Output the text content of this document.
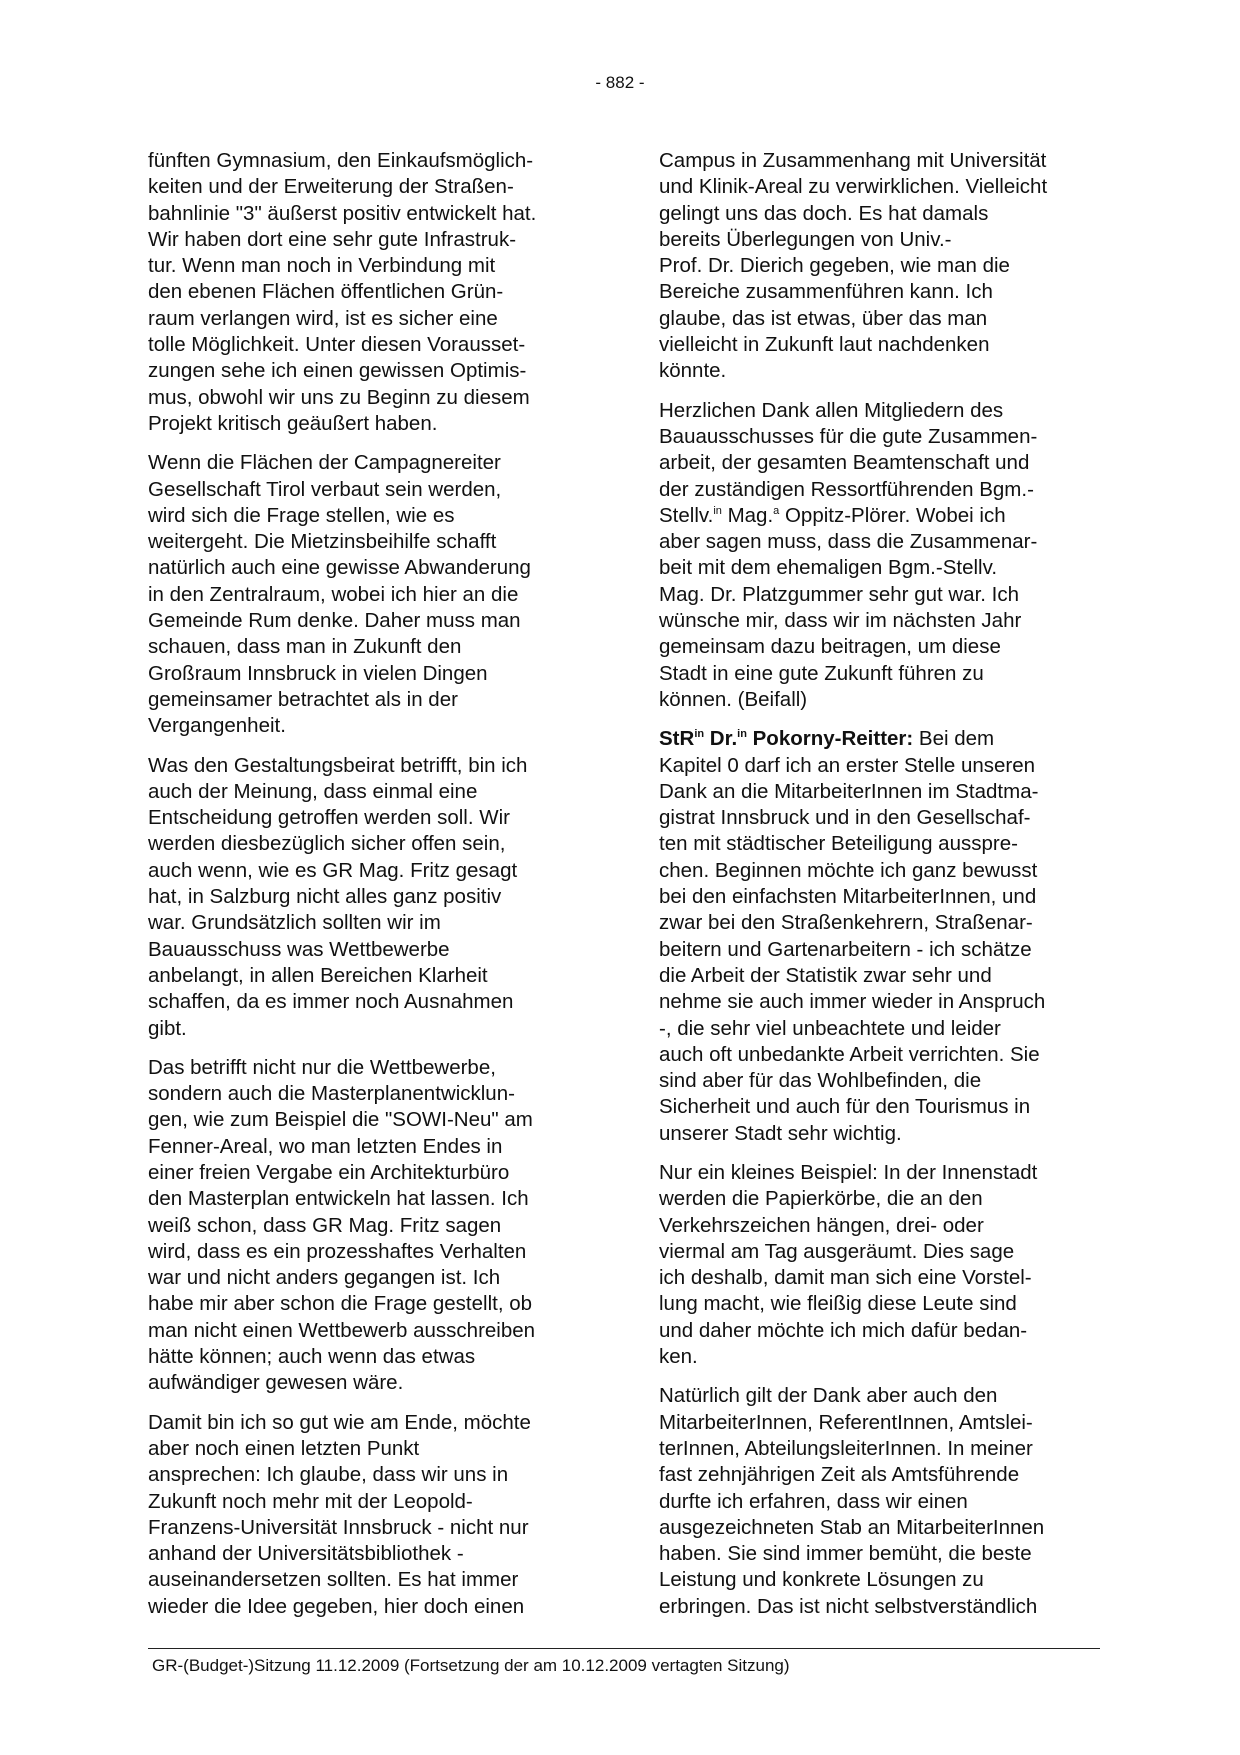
- 882 -

fünften Gymnasium, den Einkaufsmöglich-
keiten und der Erweiterung der Straßen-
bahnlinie "3" äußerst positiv entwickelt hat.
Wir haben dort eine sehr gute Infrastruk-
tur. Wenn man noch in Verbindung mit
den ebenen Flächen öffentlichen Grün-
raum verlangen wird, ist es sicher eine
tolle Möglichkeit. Unter diesen Vorausset-
zungen sehe ich einen gewissen Optimis-
mus, obwohl wir uns zu Beginn zu diesem
Projekt kritisch geäußert haben.

Wenn die Flächen der Campagnereiter
Gesellschaft Tirol verbaut sein werden,
wird sich die Frage stellen, wie es
weitergeht. Die Mietzinsbeihilfe schafft
natürlich auch eine gewisse Abwanderung
in den Zentralraum, wobei ich hier an die
Gemeinde Rum denke. Daher muss man
schauen, dass man in Zukunft den
Großraum Innsbruck in vielen Dingen
gemeinsamer betrachtet als in der
Vergangenheit.

Was den Gestaltungsbeirat betrifft, bin ich
auch der Meinung, dass einmal eine
Entscheidung getroffen werden soll. Wir
werden diesbezüglich sicher offen sein,
auch wenn, wie es GR Mag. Fritz gesagt
hat, in Salzburg nicht alles ganz positiv
war. Grundsätzlich sollten wir im
Bauausschuss was Wettbewerbe
anbelangt, in allen Bereichen Klarheit
schaffen, da es immer noch Ausnahmen
gibt.

Das betrifft nicht nur die Wettbewerbe,
sondern auch die Masterplanentwicklun-
gen, wie zum Beispiel die "SOWI-Neu" am
Fenner-Areal, wo man letzten Endes in
einer freien Vergabe ein Architekturbüro
den Masterplan entwickeln hat lassen. Ich
weiß schon, dass GR Mag. Fritz sagen
wird, dass es ein prozesshaftes Verhalten
war und nicht anders gegangen ist. Ich
habe mir aber schon die Frage gestellt, ob
man nicht einen Wettbewerb ausschreiben
hätte können; auch wenn das etwas
aufwändiger gewesen wäre.

Damit bin ich so gut wie am Ende, möchte
aber noch einen letzten Punkt
ansprechen: Ich glaube, dass wir uns in
Zukunft noch mehr mit der Leopold-
Franzens-Universität Innsbruck - nicht nur
anhand der Universitätsbibliothek -
auseinandersetzen sollten. Es hat immer
wieder die Idee gegeben, hier doch einen

Campus in Zusammenhang mit Universität
und Klinik-Areal zu verwirklichen. Vielleicht
gelingt uns das doch. Es hat damals
bereits Überlegungen von Univ.-
Prof. Dr. Dierich gegeben, wie man die
Bereiche zusammenführen kann. Ich
glaube, das ist etwas, über das man
vielleicht in Zukunft laut nachdenken
könnte.

Herzlichen Dank allen Mitgliedern des
Bauausschusses für die gute Zusammen-
arbeit, der gesamten Beamtenschaft und
der zuständigen Ressortführenden Bgm.-
Stellv.$^{in}$ Mag.$^a$ Oppitz-Plörer. Wobei ich
aber sagen muss, dass die Zusammenar-
beit mit dem ehemaligen Bgm.-Stellv.
Mag. Dr. Platzgummer sehr gut war. Ich
wünsche mir, dass wir im nächsten Jahr
gemeinsam dazu beitragen, um diese
Stadt in eine gute Zukunft führen zu
können. (Beifall)

StR$^{in}$ Dr.$^{in}$ Pokorny-Reitter: Bei dem
Kapitel 0 darf ich an erster Stelle unseren
Dank an die MitarbeiterInnen im Stadtma-
gistrat Innsbruck und in den Gesellschaf-
ten mit städtischer Beteiligung ausspre-
chen. Beginnen möchte ich ganz bewusst
bei den einfachsten MitarbeiterInnen, und
zwar bei den Straßenkehrern, Straßenar-
beitern und Gartenarbeitern - ich schätze
die Arbeit der Statistik zwar sehr und
nehme sie auch immer wieder in Anspruch
-, die sehr viel unbeachtete und leider
auch oft unbedankte Arbeit verrichten. Sie
sind aber für das Wohlbefinden, die
Sicherheit und auch für den Tourismus in
unserer Stadt sehr wichtig.

Nur ein kleines Beispiel: In der Innenstadt
werden die Papierkörbe, die an den
Verkehrszeichen hängen, drei- oder
viermal am Tag ausgeräumt. Dies sage
ich deshalb, damit man sich eine Vorstel-
lung macht, wie fleißig diese Leute sind
und daher möchte ich mich dafür bedan-
ken.

Natürlich gilt der Dank aber auch den
MitarbeiterInnen, ReferentInnen, Amtslei-
terInnen, AbteilungsleiterInnen. In meiner
fast zehnjährigen Zeit als Amtsführende
durfte ich erfahren, dass wir einen
ausgezeichneten Stab an MitarbeiterInnen
haben. Sie sind immer bemüht, die beste
Leistung und konkrete Lösungen zu
erbringen. Das ist nicht selbstverständlich

GR-(Budget-)Sitzung 11.12.2009 (Fortsetzung der am 10.12.2009 vertagten Sitzung)
